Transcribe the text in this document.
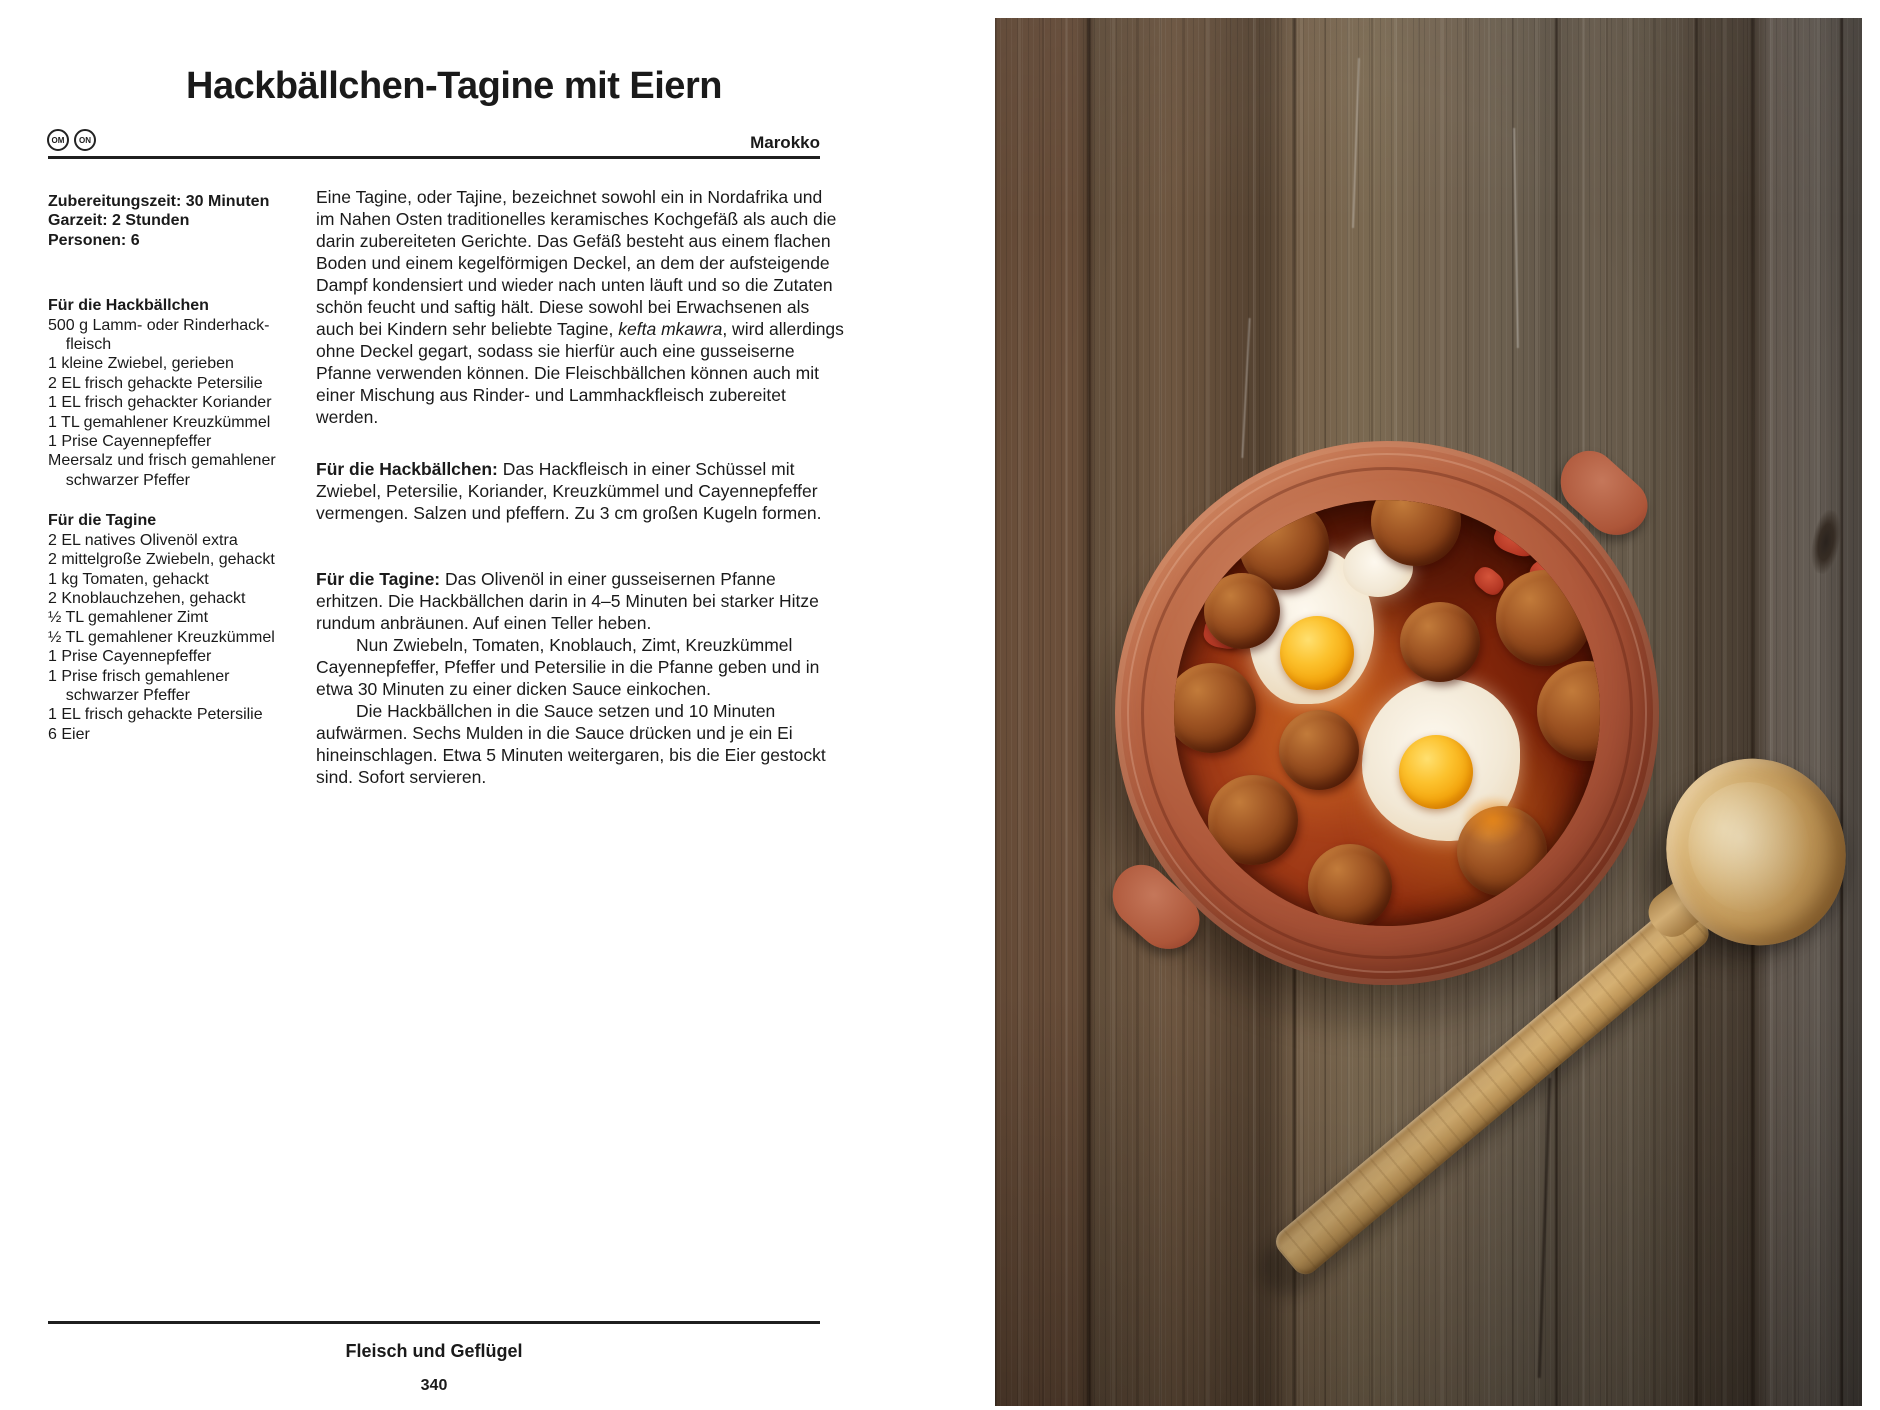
Hackbällchen-Tagine mit Eiern
OM	ON	Marokko
Zubereitungszeit: 30 Minuten
Garzeit: 2 Stunden
Personen: 6
Für die Hackbällchen
500 g Lamm- oder Rinderhack-
fleisch
1 kleine Zwiebel, gerieben
2 EL frisch gehackte Petersilie
1 EL frisch gehackter Koriander
1 TL gemahlener Kreuzkümmel
1 Prise Cayennepfeffer
Meersalz und frisch gemahlener
schwarzer Pfeffer
Für die Tagine
2 EL natives Olivenöl extra
2 mittelgroße Zwiebeln, gehackt
1 kg Tomaten, gehackt
2 Knoblauchzehen, gehackt
½ TL gemahlener Zimt
½ TL gemahlener Kreuzkümmel
1 Prise Cayennepfeffer
1 Prise frisch gemahlener
schwarzer Pfeffer
1 EL frisch gehackte Petersilie
6 Eier

Eine Tagine, oder Tajine, bezeichnet sowohl ein in Nordafrika und im Nahen Osten traditionelles keramisches Kochgefäß als auch die darin zubereiteten Gerichte. Das Gefäß besteht aus einem flachen Boden und einem kegelförmigen Deckel, an dem der aufsteigende Dampf kondensiert und wieder nach unten läuft und so die Zutaten schön feucht und saftig hält. Diese sowohl bei Erwachsenen als auch bei Kindern sehr beliebte Tagine, kefta mkawra, wird allerdings ohne Deckel gegart, sodass sie hierfür auch eine gusseiserne Pfanne verwenden können. Die Fleischbällchen können auch mit einer Mischung aus Rinder- und Lammhackfleisch zubereitet werden.

Für die Hackbällchen: Das Hackfleisch in einer Schüssel mit Zwiebel, Petersilie, Koriander, Kreuzkümmel und Cayennepfeffer vermengen. Salzen und pfeffern. Zu 3 cm großen Kugeln formen.

Für die Tagine: Das Olivenöl in einer gusseisernen Pfanne erhitzen. Die Hackbällchen darin in 4–5 Minuten bei starker Hitze rundum anbräunen. Auf einen Teller heben.

Nun Zwiebeln, Tomaten, Knoblauch, Zimt, Kreuzkümmel Cayennepfeffer, Pfeffer und Petersilie in die Pfanne geben und in etwa 30 Minuten zu einer dicken Sauce einkochen.

Die Hackbällchen in die Sauce setzen und 10 Minuten aufwärmen. Sechs Mulden in die Sauce drücken und je ein Ei hineinschlagen. Etwa 5 Minuten weitergaren, bis die Eier gestockt sind. Sofort servieren.

Fleisch und Geflügel
340
